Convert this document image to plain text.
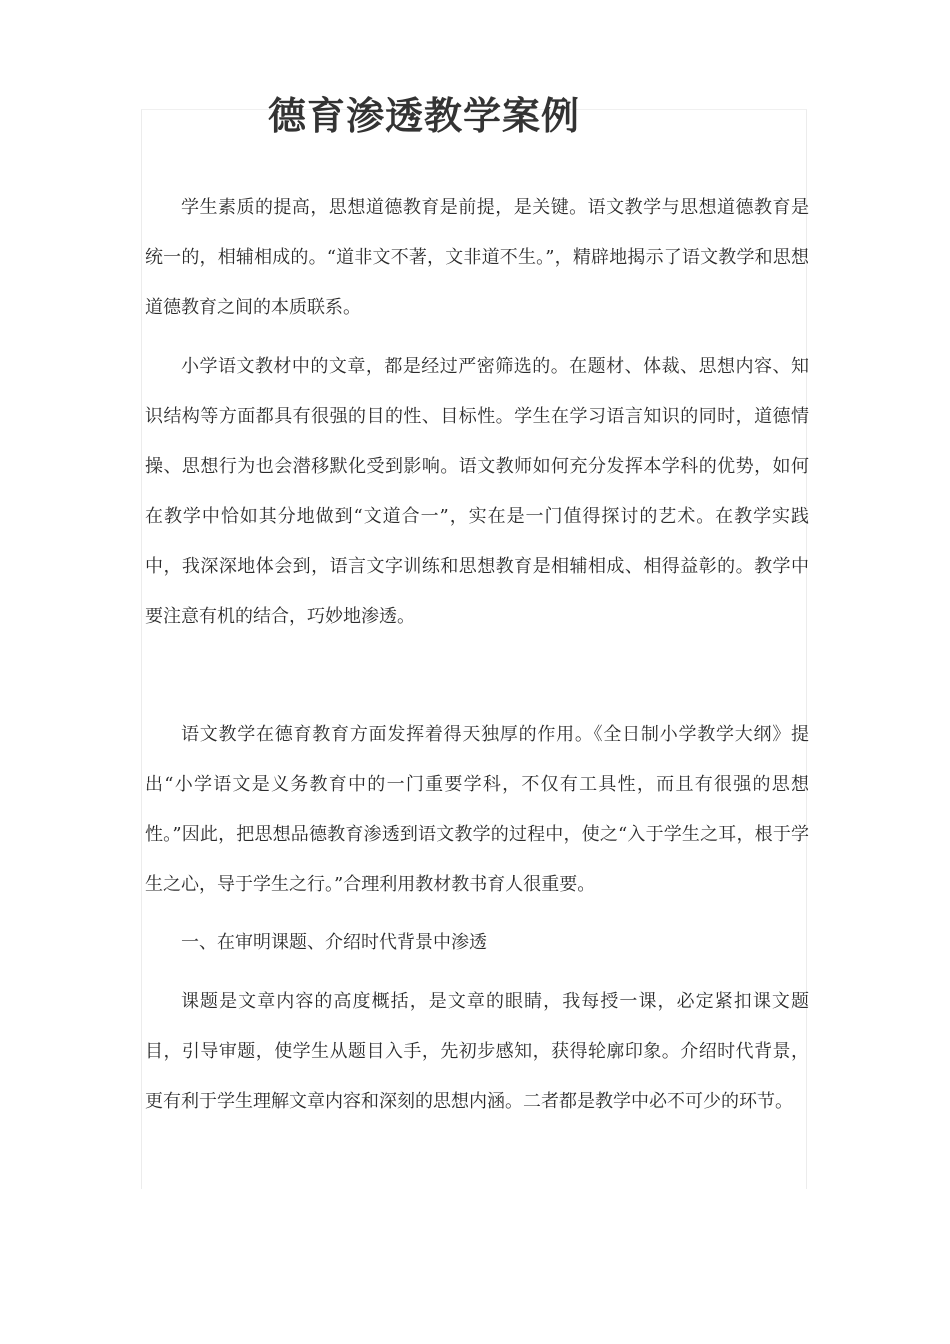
德育渗透教学案例

学生素质的提高，思想道德教育是前提，是关键。语文教学与思想道德教育是统一的，相辅相成的。“道非文不著，文非道不生。”，精辟地揭示了语文教学和思想道德教育之间的本质联系。

小学语文教材中的文章，都是经过严密筛选的。在题材、体裁、思想内容、知识结构等方面都具有很强的目的性、目标性。学生在学习语言知识的同时，道德情操、思想行为也会潜移默化受到影响。语文教师如何充分发挥本学科的优势，如何在教学中恰如其分地做到“文道合一”，实在是一门值得探讨的艺术。在教学实践中，我深深地体会到，语言文字训练和思想教育是相辅相成、相得益彰的。教学中要注意有机的结合，巧妙地渗透。

语文教学在德育教育方面发挥着得天独厚的作用。《全日制小学教学大纲》提出“小学语文是义务教育中的一门重要学科，不仅有工具性，而且有很强的思想性。”因此，把思想品德教育渗透到语文教学的过程中，使之“入于学生之耳，根于学生之心，导于学生之行。”合理利用教材教书育人很重要。

一、在审明课题、介绍时代背景中渗透

课题是文章内容的高度概括，是文章的眼睛，我每授一课，必定紧扣课文题目，引导审题，使学生从题目入手，先初步感知，获得轮廓印象。介绍时代背景，更有利于学生理解文章内容和深刻的思想内涵。二者都是教学中必不可少的环节。
